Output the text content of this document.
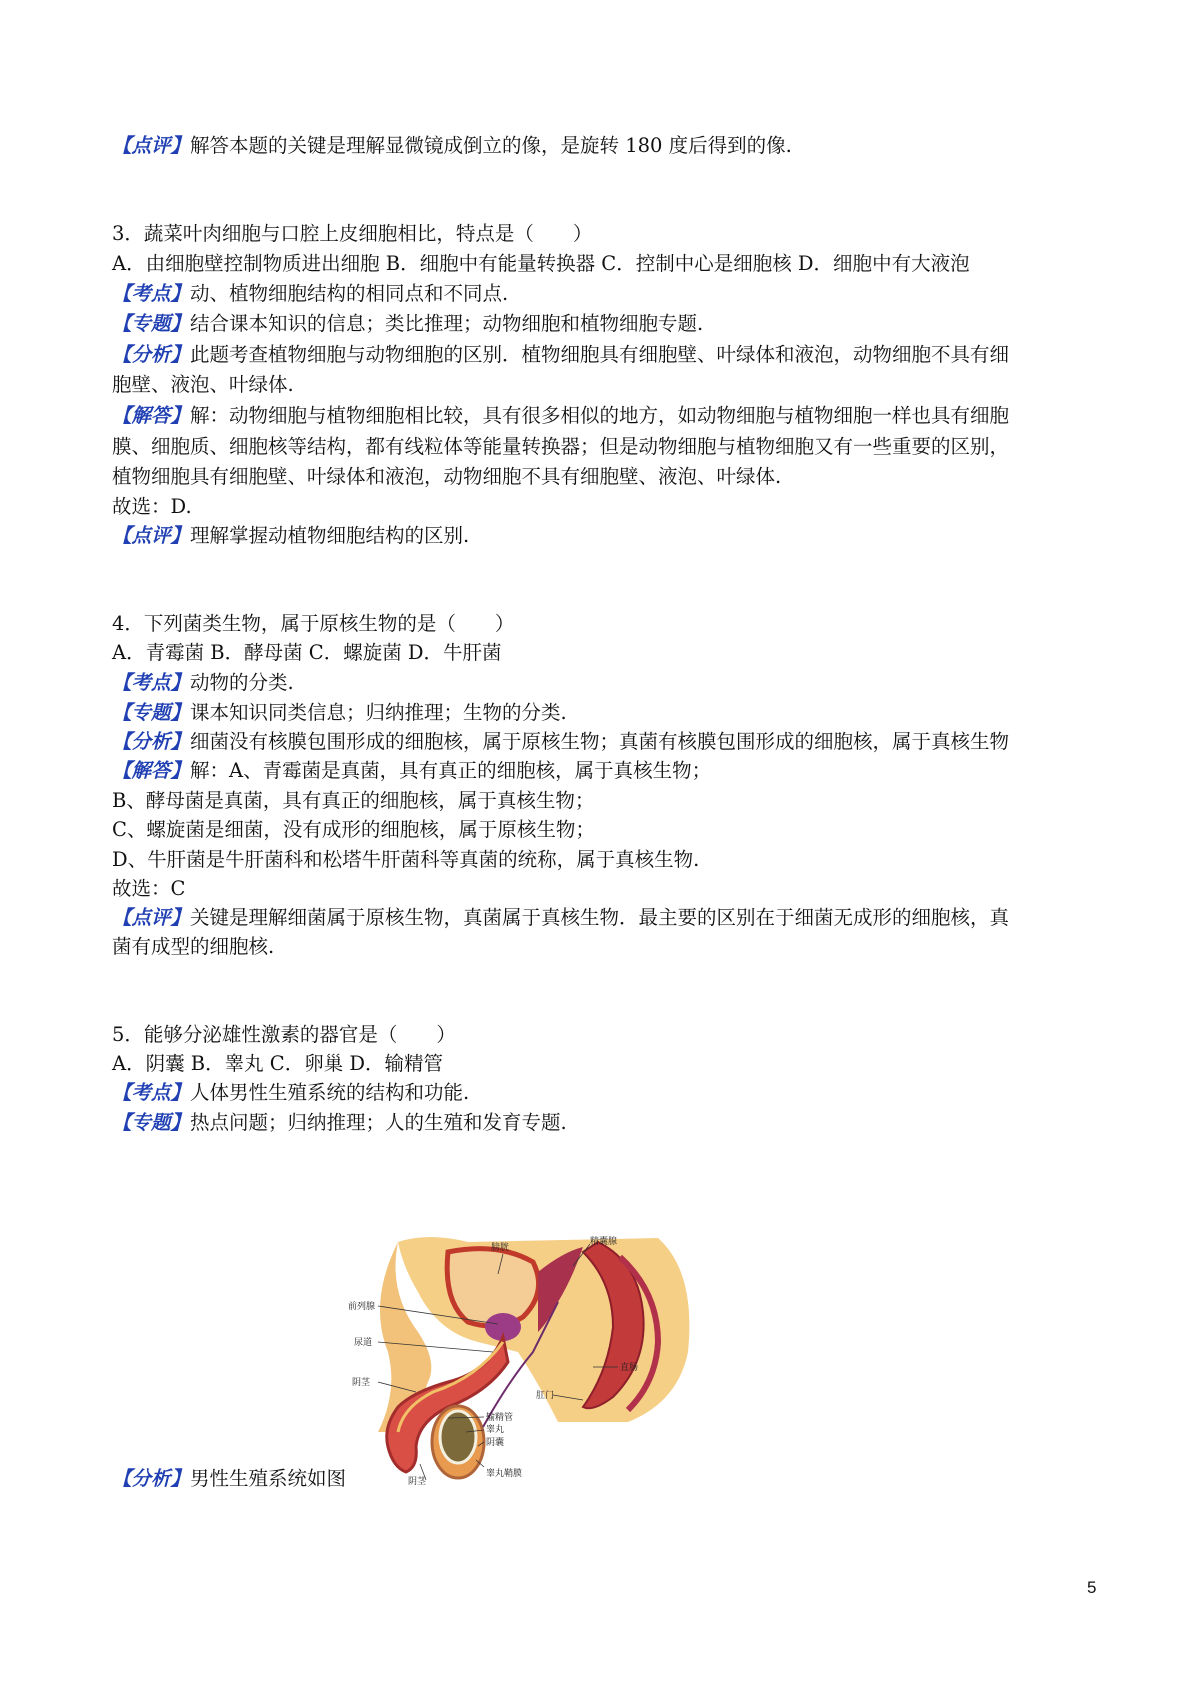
【点评】解答本题的关键是理解显微镜成倒立的像，是旋转 180 度后得到的像.
3．蔬菜叶肉细胞与口腔上皮细胞相比，特点是（　　）
A．由细胞壁控制物质进出细胞 B．细胞中有能量转换器 C．控制中心是细胞核 D．细胞中有大液泡
【考点】动、植物细胞结构的相同点和不同点.
【专题】结合课本知识的信息；类比推理；动物细胞和植物细胞专题.
【分析】此题考查植物细胞与动物细胞的区别．植物细胞具有细胞壁、叶绿体和液泡，动物细胞不具有细
胞壁、液泡、叶绿体.
【解答】解：动物细胞与植物细胞相比较，具有很多相似的地方，如动物细胞与植物细胞一样也具有细胞
膜、细胞质、细胞核等结构，都有线粒体等能量转换器；但是动物细胞与植物细胞又有一些重要的区别，
植物细胞具有细胞壁、叶绿体和液泡，动物细胞不具有细胞壁、液泡、叶绿体.
故选：D.
【点评】理解掌握动植物细胞结构的区别.
4．下列菌类生物，属于原核生物的是（　　）
A．青霉菌 B．酵母菌 C．螺旋菌 D．牛肝菌
【考点】动物的分类.
【专题】课本知识同类信息；归纳推理；生物的分类.
【分析】细菌没有核膜包围形成的细胞核，属于原核生物；真菌有核膜包围形成的细胞核，属于真核生物
【解答】解：A、青霉菌是真菌，具有真正的细胞核，属于真核生物；
B、酵母菌是真菌，具有真正的细胞核，属于真核生物；
C、螺旋菌是细菌，没有成形的细胞核，属于原核生物；
D、牛肝菌是牛肝菌科和松塔牛肝菌科等真菌的统称，属于真核生物.
故选：C
【点评】关键是理解细菌属于原核生物，真菌属于真核生物．最主要的区别在于细菌无成形的细胞核，真
菌有成型的细胞核.
5．能够分泌雄性激素的器官是（　　）
A．阴囊 B．睾丸 C．卵巢 D．输精管
【考点】人体男性生殖系统的结构和功能.
【专题】热点问题；归纳推理；人的生殖和发育专题.
膀胱
精囊腺
前列腺
尿道
阴茎
输精管
睾丸
阴囊
直肠
肛门
睾丸鞘膜
阴茎
【分析】男性生殖系统如图
5
